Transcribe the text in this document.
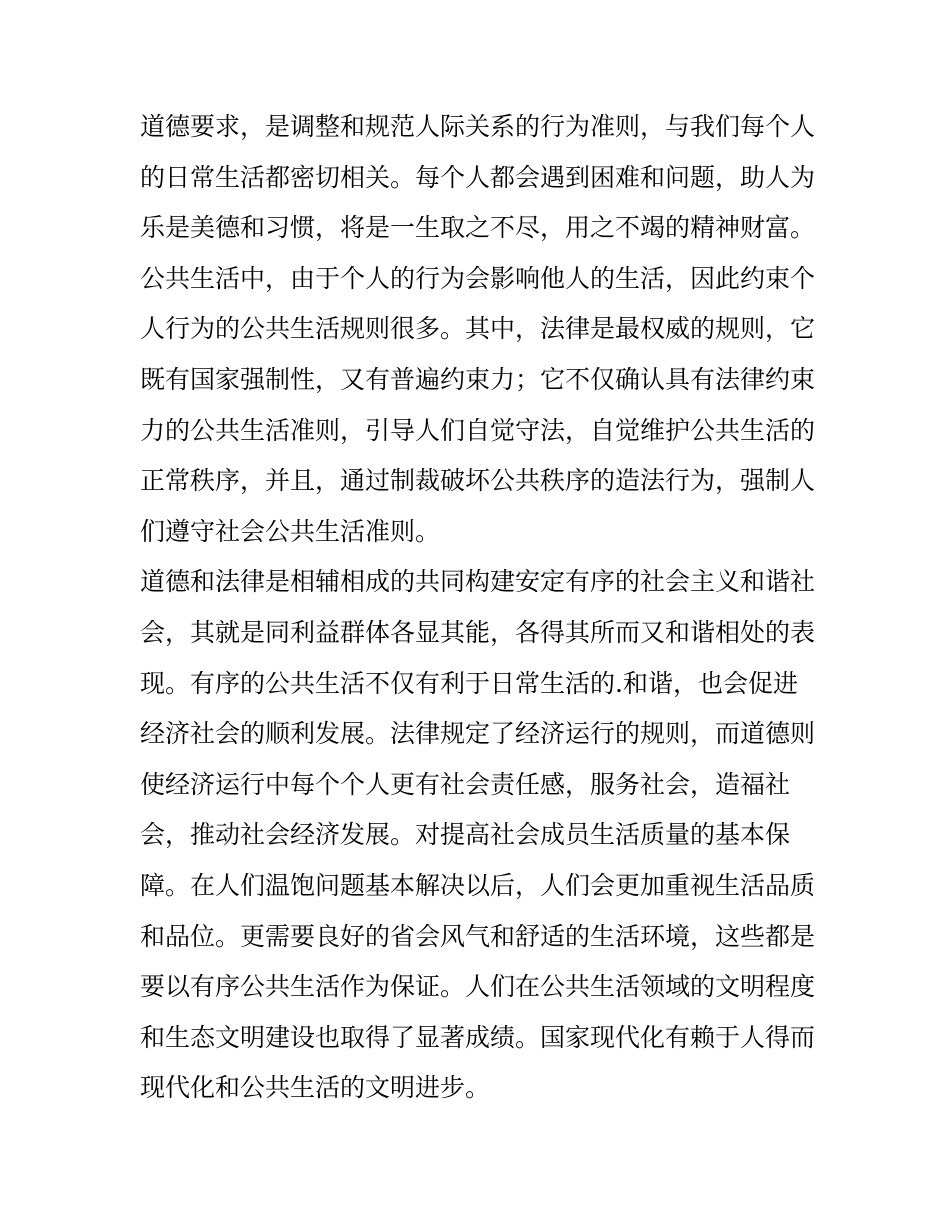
道德要求，是调整和规范人际关系的行为准则，与我们每个人
的日常生活都密切相关。每个人都会遇到困难和问题，助人为
乐是美德和习惯，将是一生取之不尽，用之不竭的精神财富。
公共生活中，由于个人的行为会影响他人的生活，因此约束个
人行为的公共生活规则很多。其中，法律是最权威的规则，它
既有国家强制性，又有普遍约束力；它不仅确认具有法律约束
力的公共生活准则，引导人们自觉守法，自觉维护公共生活的
正常秩序，并且，通过制裁破坏公共秩序的造法行为，强制人
们遵守社会公共生活准则。
道德和法律是相辅相成的共同构建安定有序的社会主义和谐社
会，其就是同利益群体各显其能，各得其所而又和谐相处的表
现。有序的公共生活不仅有利于日常生活的.和谐，也会促进
经济社会的顺利发展。法律规定了经济运行的规则，而道德则
使经济运行中每个个人更有社会责任感，服务社会，造福社
会，推动社会经济发展。对提高社会成员生活质量的基本保
障。在人们温饱问题基本解决以后，人们会更加重视生活品质
和品位。更需要良好的省会风气和舒适的生活环境，这些都是
要以有序公共生活作为保证。人们在公共生活领域的文明程度
和生态文明建设也取得了显著成绩。国家现代化有赖于人得而
现代化和公共生活的文明进步。
